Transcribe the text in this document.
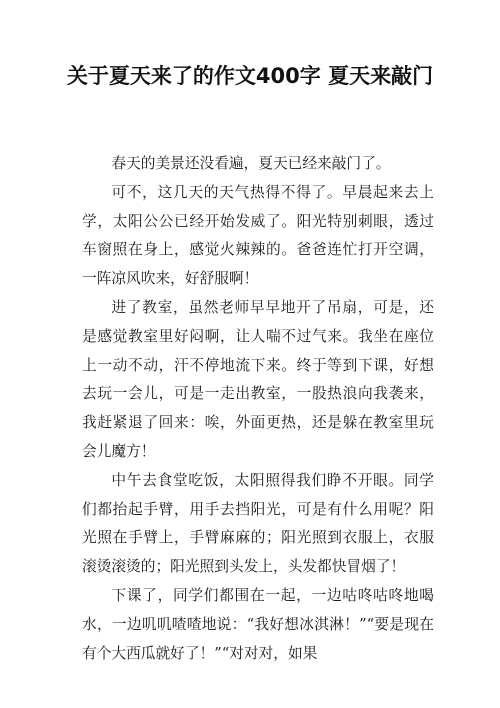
关于夏天来了的作文400字 夏天来敲门

春天的美景还没看遍，夏天已经来敲门了。

可不，这几天的天气热得不得了。早晨起来去上学，太阳公公已经开始发威了。阳光特别刺眼，透过车窗照在身上，感觉火辣辣的。爸爸连忙打开空调，一阵凉风吹来，好舒服啊！

进了教室，虽然老师早早地开了吊扇，可是，还是感觉教室里好闷啊，让人喘不过气来。我坐在座位上一动不动，汗不停地流下来。终于等到下课，好想去玩一会儿，可是一走出教室，一股热浪向我袭来，我赶紧退了回来：唉，外面更热，还是躲在教室里玩会儿魔方！

中午去食堂吃饭，太阳照得我们睁不开眼。同学们都抬起手臂，用手去挡阳光，可是有什么用呢？阳光照在手臂上，手臂麻麻的；阳光照到衣服上，衣服滚烫滚烫的；阳光照到头发上，头发都快冒烟了！

下课了，同学们都围在一起，一边咕咚咕咚地喝水，一边叽叽喳喳地说：“我好想冰淇淋！”“要是现在有个大西瓜就好了！”“对对对，如果
